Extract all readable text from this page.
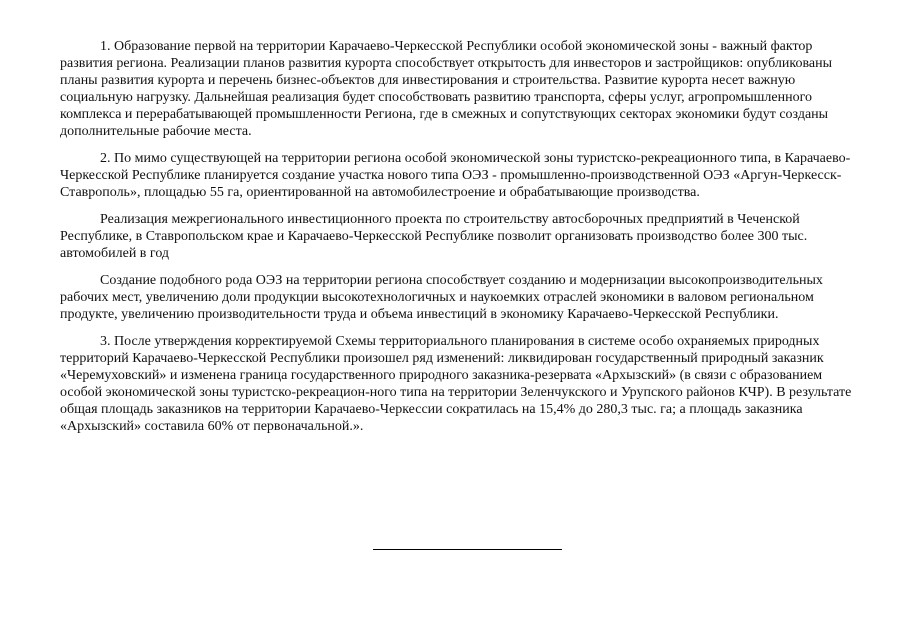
1. Образование первой на территории Карачаево-Черкесской Республики особой экономической зоны - важный фактор развития региона. Реализации планов развития курорта способствует открытость для инвесторов и застройщиков: опубликованы планы развития курорта и перечень бизнес-объектов для инвестирования и строительства. Развитие курорта несет важную социальную нагрузку. Дальнейшая реализация будет способствовать развитию транспорта, сферы услуг, агропромышленного комплекса и перерабатывающей промышленности Региона, где в смежных и сопутствующих секторах экономики будут созданы дополнительные рабочие места.

2. По мимо существующей на территории региона особой экономической зоны туристско-рекреационного типа, в Карачаево-Черкесской Республике планируется создание участка нового типа ОЭЗ - промышленно-производственной ОЭЗ «Аргун-Черкесск-Ставрополь», площадью 55 га, ориентированной на автомобилестроение и обрабатывающие производства.

Реализация межрегионального инвестиционного проекта по строительству автосборочных предприятий в Чеченской Республике, в Ставропольском крае и Карачаево-Черкесской Республике позволит организовать производство более 300 тыс. автомобилей в год

Создание подобного рода ОЭЗ на территории региона способствует созданию и модернизации высокопроизводительных рабочих мест, увеличению доли продукции высокотехнологичных и наукоемких отраслей экономики в валовом региональном продукте, увеличению производительности труда и объема инвестиций в экономику Карачаево-Черкесской Республики.

3. После утверждения корректируемой Схемы территориального планирования в системе особо охраняемых природных территорий Карачаево-Черкесской Республики произошел ряд изменений: ликвидирован государственный природный заказник «Черемуховский» и изменена граница государственного природного заказника-резервата «Архызский» (в связи с образованием особой экономической зоны туристско-рекреацион-ного типа на территории Зеленчукского и Урупского районов КЧР). В результате общая площадь заказников на территории Карачаево-Черкессии сократилась на 15,4% до 280,3 тыс. га; а площадь заказника «Архызский» составила 60% от первоначальной.».
